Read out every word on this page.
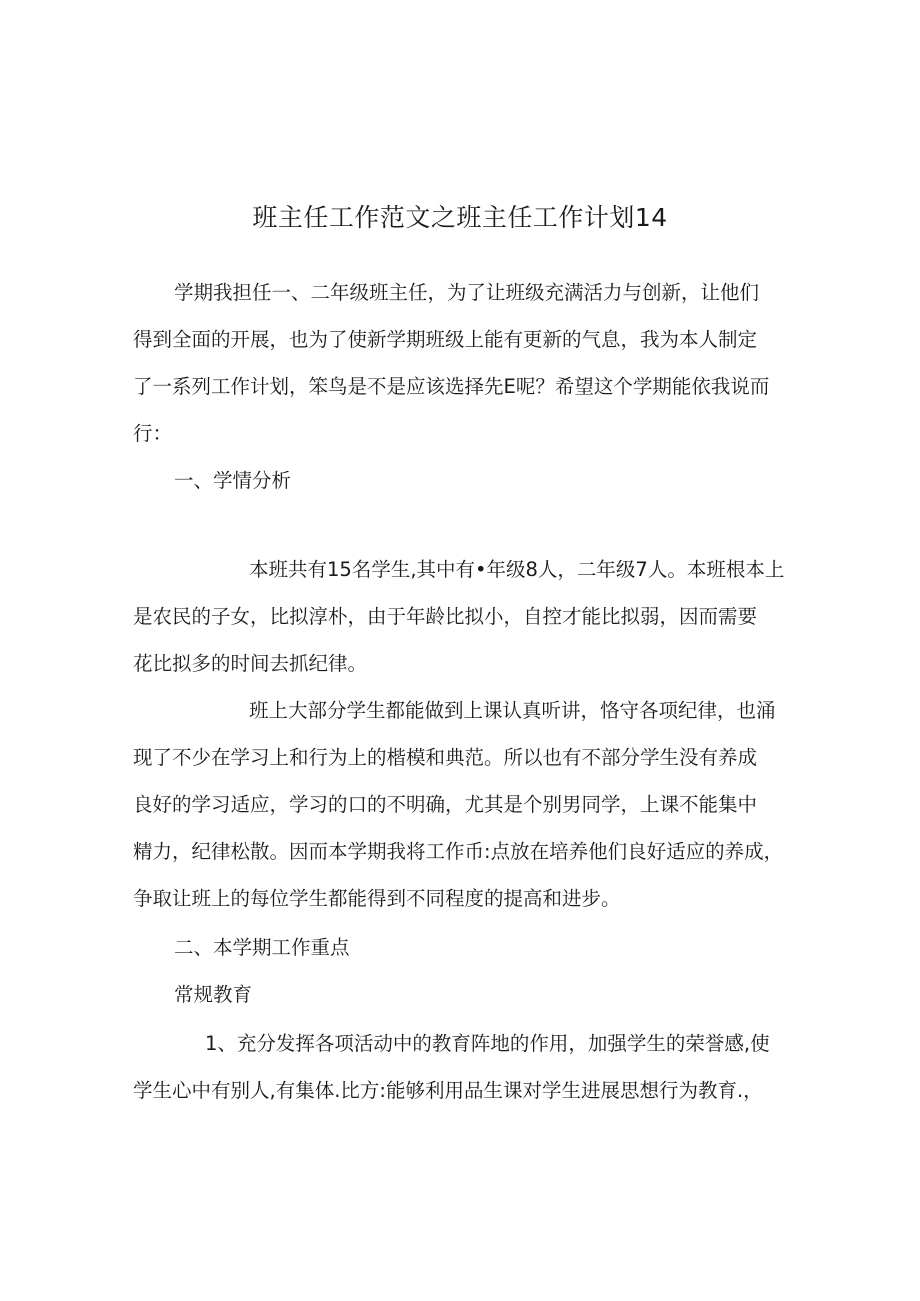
班主任工作范文之班主任工作计划14

学期我担任一、二年级班主任，为了让班级充满活力与创新，让他们

得到全面的开展，也为了使新学期班级上能有更新的气息，我为本人制定

了一系列工作计划，笨鸟是不是应该选择先E呢？希望这个学期能依我说而

行：

一、学情分析

本班共有15名学生,其中有•年级8人，二年级7人。本班根本上

是农民的子女，比拟淳朴，由于年龄比拟小，自控才能比拟弱，因而需要

花比拟多的时间去抓纪律。

班上大部分学生都能做到上课认真听讲，恪守各项纪律，也涌

现了不少在学习上和行为上的楷模和典范。所以也有不部分学生没有养成

良好的学习适应，学习的口的不明确，尤其是个别男同学，上课不能集中

精力，纪律松散。因而本学期我将工作币:点放在培养他们良好适应的养成，

争取让班上的每位学生都能得到不同程度的提高和进步。

二、本学期工作重点

常规教育

1、充分发挥各项活动中的教育阵地的作用，加强学生的荣誉感,使

学生心中有别人,有集体.比方:能够利用品生课对学生进展思想行为教育.，
